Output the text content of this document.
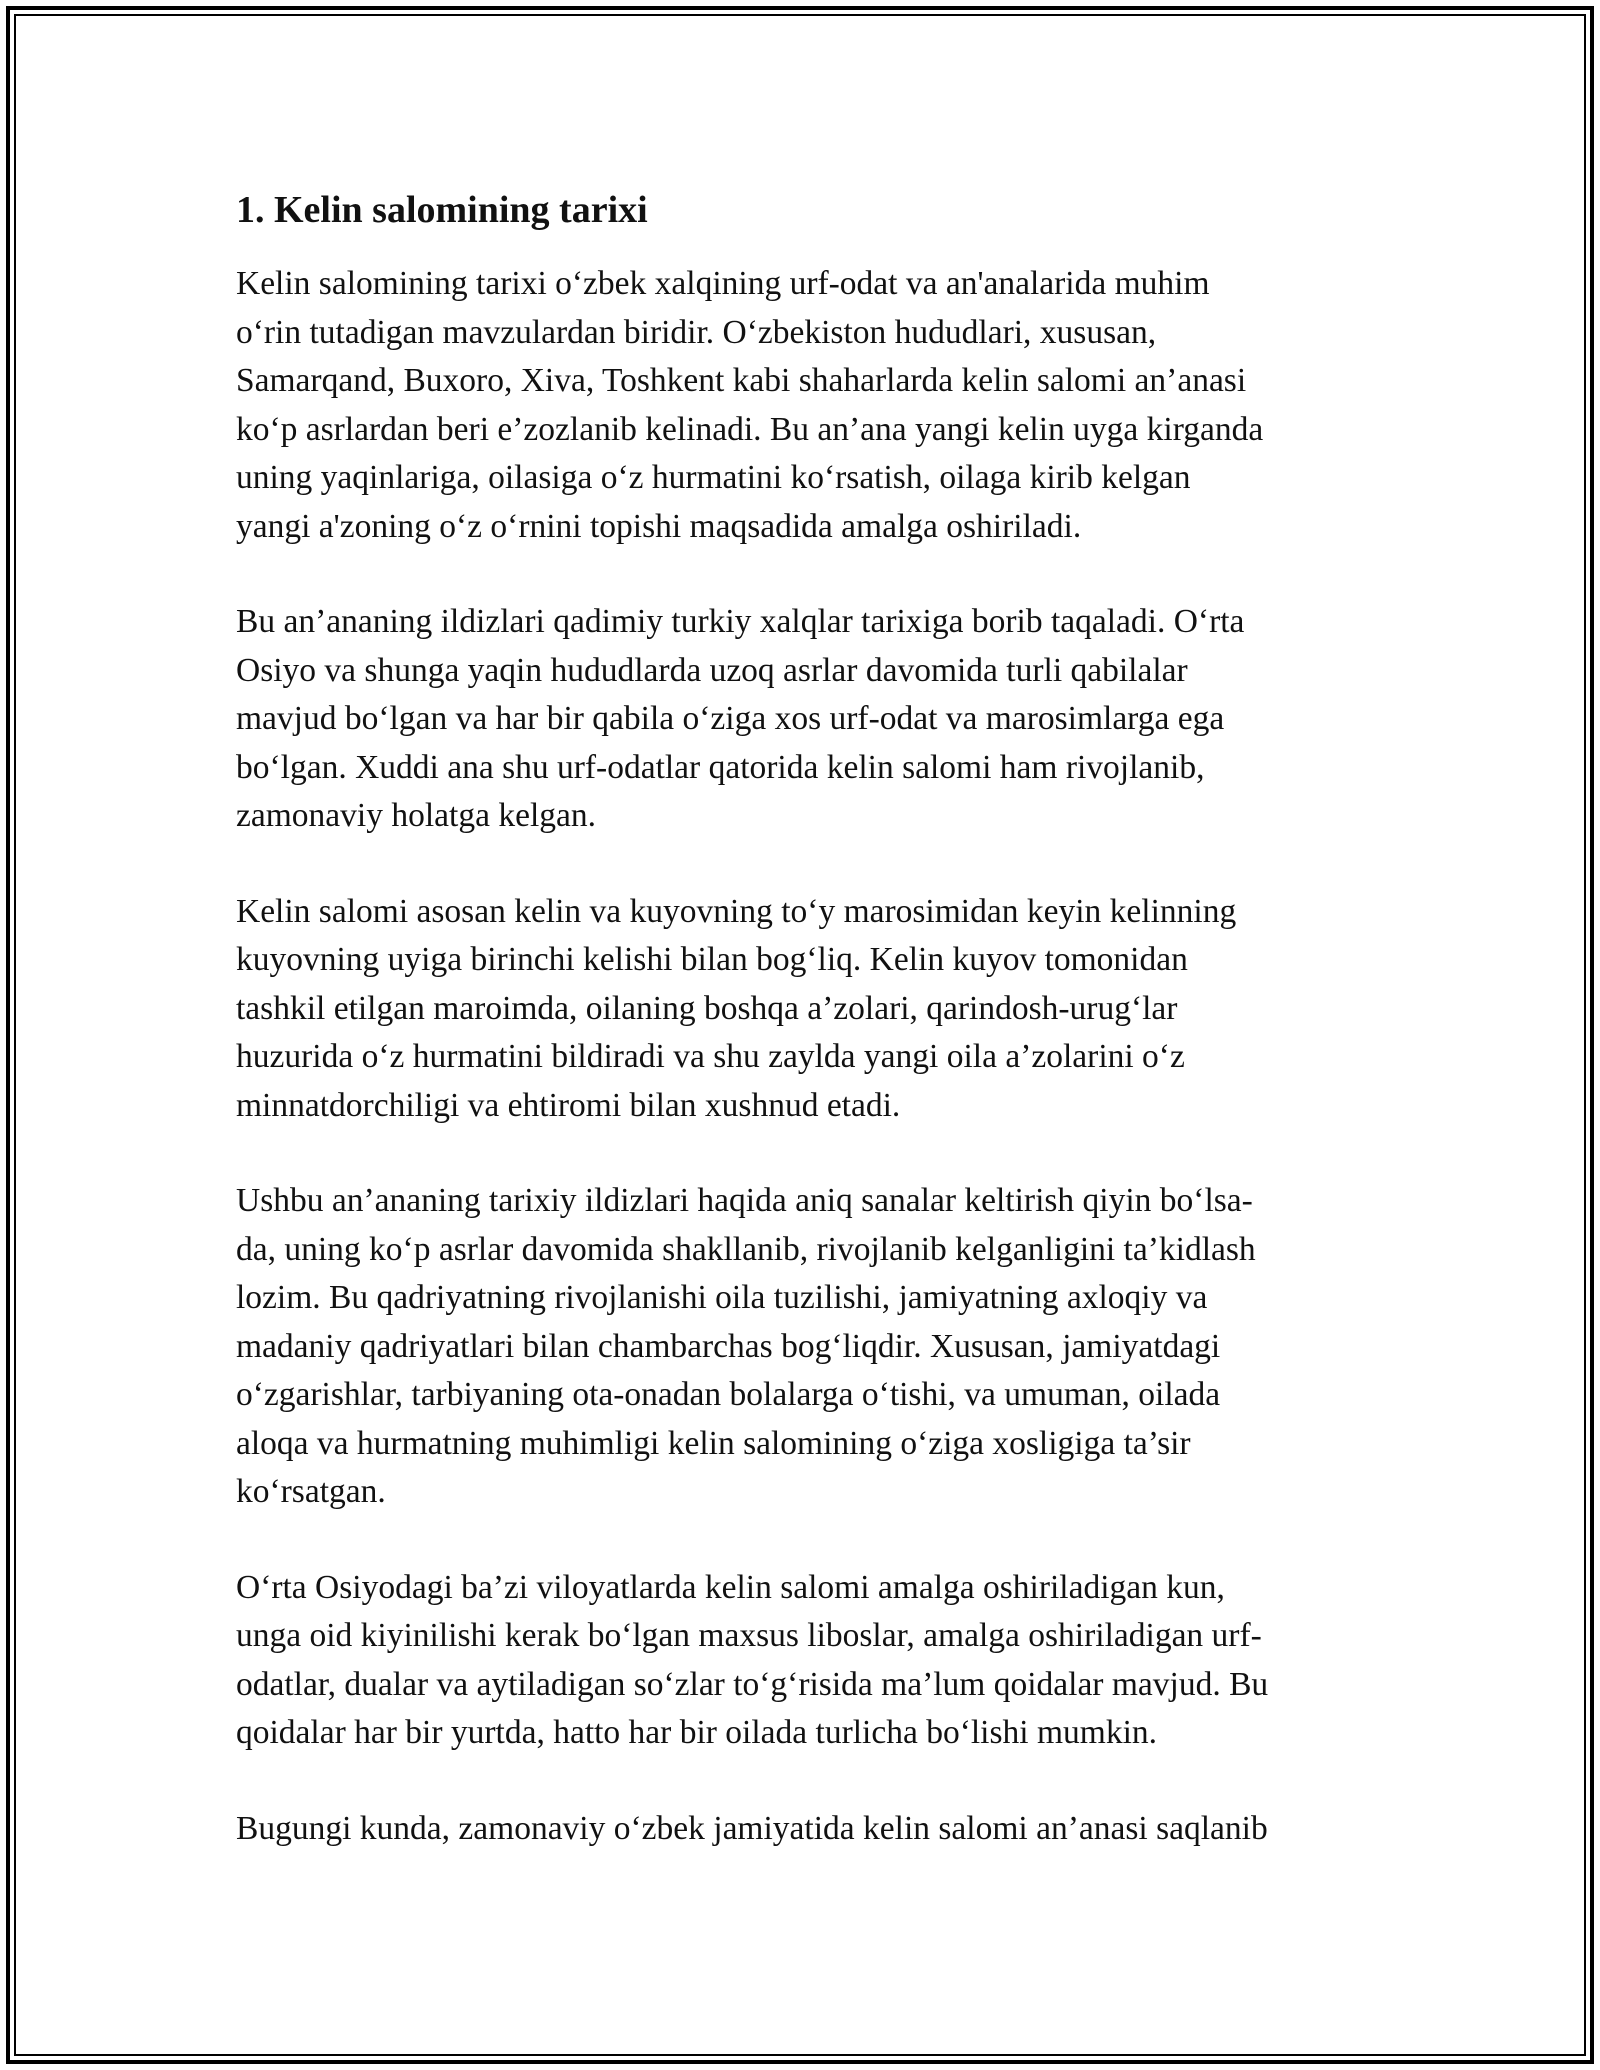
1. Kelin salomining tarixi

Kelin salomining tarixi oʻzbek xalqining urf-odat va an'analarida muhim
oʻrin tutadigan mavzulardan biridir. Oʻzbekiston hududlari, xususan,
Samarqand, Buxoro, Xiva, Toshkent kabi shaharlarda kelin salomi an’anasi
koʻp asrlardan beri e’zozlanib kelinadi. Bu an’ana yangi kelin uyga kirganda
uning yaqinlariga, oilasiga oʻz hurmatini koʻrsatish, oilaga kirib kelgan
yangi a'zoning oʻz oʻrnini topishi maqsadida amalga oshiriladi.

Bu an’ananing ildizlari qadimiy turkiy xalqlar tarixiga borib taqaladi. Oʻrta
Osiyo va shunga yaqin hududlarda uzoq asrlar davomida turli qabilalar
mavjud boʻlgan va har bir qabila oʻziga xos urf-odat va marosimlarga ega
boʻlgan. Xuddi ana shu urf-odatlar qatorida kelin salomi ham rivojlanib,
zamonaviy holatga kelgan.

Kelin salomi asosan kelin va kuyovning toʻy marosimidan keyin kelinning
kuyovning uyiga birinchi kelishi bilan bogʻliq. Kelin kuyov tomonidan
tashkil etilgan maroimda, oilaning boshqa a’zolari, qarindosh-urugʻlar
huzurida oʻz hurmatini bildiradi va shu zaylda yangi oila a’zolarini oʻz
minnatdorchiligi va ehtiromi bilan xushnud etadi.

Ushbu an’ananing tarixiy ildizlari haqida aniq sanalar keltirish qiyin boʻlsa-
da, uning koʻp asrlar davomida shakllanib, rivojlanib kelganligini ta’kidlash
lozim. Bu qadriyatning rivojlanishi oila tuzilishi, jamiyatning axloqiy va
madaniy qadriyatlari bilan chambarchas bogʻliqdir. Xususan, jamiyatdagi
oʻzgarishlar, tarbiyaning ota-onadan bolalarga oʻtishi, va umuman, oilada
aloqa va hurmatning muhimligi kelin salomining oʻziga xosligiga ta’sir
koʻrsatgan.

Oʻrta Osiyodagi ba’zi viloyatlarda kelin salomi amalga oshiriladigan kun,
unga oid kiyinilishi kerak boʻlgan maxsus liboslar, amalga oshiriladigan urf-
odatlar, dualar va aytiladigan soʻzlar toʻgʻrisida ma’lum qoidalar mavjud. Bu
qoidalar har bir yurtda, hatto har bir oilada turlicha boʻlishi mumkin.

Bugungi kunda, zamonaviy oʻzbek jamiyatida kelin salomi an’anasi saqlanib
